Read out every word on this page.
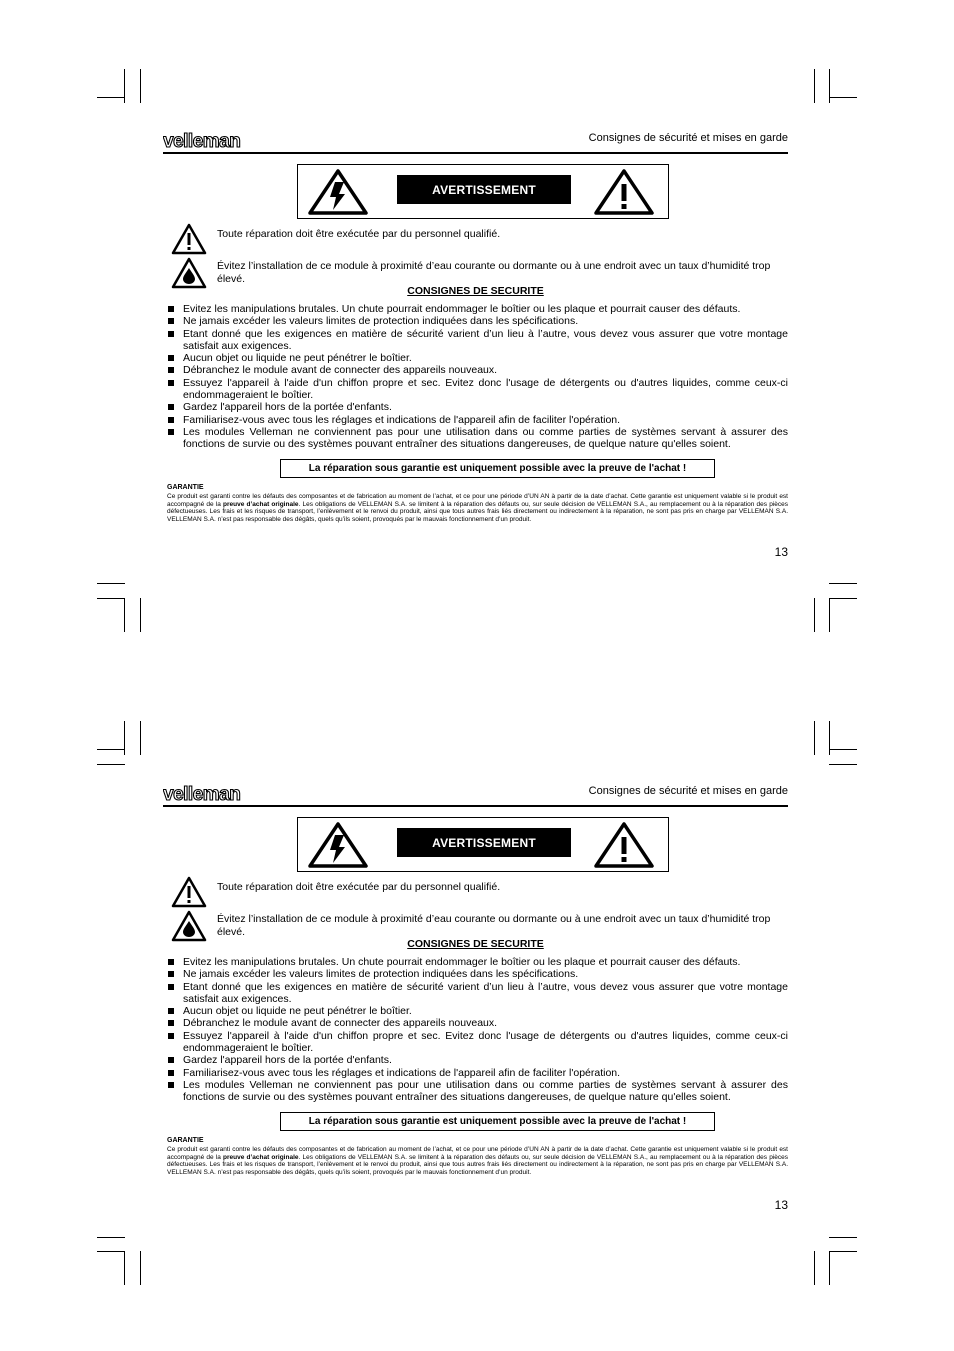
velleman	Consignes de sécurité et mises en garde
AVERTISSEMENT
Toute réparation doit être exécutée par du personnel qualifié.
Évitez l’installation de ce module à proximité d’eau courante ou dormante ou à une endroit avec un taux d’humidité trop élevé.
CONSIGNES DE SECURITE
Evitez les manipulations brutales. Un chute pourrait endommager le boîtier ou les plaque et pourrait causer des défauts.
Ne jamais excéder les valeurs limites de protection indiquées dans les spécifications.
Etant donné que les exigences en matière de sécurité varient d’un lieu à l’autre, vous devez vous assurer que votre montage satisfait aux exigences.
Aucun objet ou liquide ne peut pénétrer le boîtier.
Débranchez le module avant de connecter des appareils nouveaux.
Essuyez l'appareil à l'aide d'un chiffon propre et sec. Evitez donc l'usage de détergents ou d'autres liquides, comme ceux-ci endommageraient le boîtier.
Gardez l'appareil hors de la portée d'enfants.
Familiarisez-vous avec tous les réglages et indications de l'appareil afin de faciliter l'opération.
Les modules Velleman ne conviennent pas pour une utilisation dans ou comme parties de systèmes servant à assurer des fonctions de survie ou des systèmes pouvant entraîner des situations dangereuses, de quelque nature qu'elles soient.
La réparation sous garantie est uniquement possible avec la preuve de l'achat !
GARANTIE
Ce produit est garanti contre les défauts des composantes et de fabrication au moment de l’achat, et ce pour une période d’UN AN à partir de la date d’achat. Cette garantie est uniquement valable si le produit est accompagné de la preuve d’achat originale. Les obligations de VELLEMAN S.A. se limitent à la réparation des défauts ou, sur seule décision de VELLEMAN S.A., au remplacement ou à la réparation des pièces défectueuses. Les frais et les risques de transport, l’enlèvement et le renvoi du produit, ainsi que tous autres frais liés directement ou indirectement à la réparation, ne sont pas pris en charge par VELLEMAN S.A. VELLEMAN S.A. n’est pas responsable des dégâts, quels qu’ils soient, provoqués par le mauvais fonctionnement d’un produit.
13
velleman	Consignes de sécurité et mises en garde
AVERTISSEMENT
Toute réparation doit être exécutée par du personnel qualifié.
Évitez l’installation de ce module à proximité d’eau courante ou dormante ou à une endroit avec un taux d’humidité trop élevé.
CONSIGNES DE SECURITE
Evitez les manipulations brutales. Un chute pourrait endommager le boîtier ou les plaque et pourrait causer des défauts.
Ne jamais excéder les valeurs limites de protection indiquées dans les spécifications.
Etant donné que les exigences en matière de sécurité varient d’un lieu à l’autre, vous devez vous assurer que votre montage satisfait aux exigences.
Aucun objet ou liquide ne peut pénétrer le boîtier.
Débranchez le module avant de connecter des appareils nouveaux.
Essuyez l'appareil à l'aide d'un chiffon propre et sec. Evitez donc l'usage de détergents ou d'autres liquides, comme ceux-ci endommageraient le boîtier.
Gardez l'appareil hors de la portée d'enfants.
Familiarisez-vous avec tous les réglages et indications de l'appareil afin de faciliter l'opération.
Les modules Velleman ne conviennent pas pour une utilisation dans ou comme parties de systèmes servant à assurer des fonctions de survie ou des systèmes pouvant entraîner des situations dangereuses, de quelque nature qu'elles soient.
La réparation sous garantie est uniquement possible avec la preuve de l'achat !
GARANTIE
Ce produit est garanti contre les défauts des composantes et de fabrication au moment de l’achat, et ce pour une période d’UN AN à partir de la date d’achat. Cette garantie est uniquement valable si le produit est accompagné de la preuve d’achat originale. Les obligations de VELLEMAN S.A. se limitent à la réparation des défauts ou, sur seule décision de VELLEMAN S.A., au remplacement ou à la réparation des pièces défectueuses. Les frais et les risques de transport, l’enlèvement et le renvoi du produit, ainsi que tous autres frais liés directement ou indirectement à la réparation, ne sont pas pris en charge par VELLEMAN S.A. VELLEMAN S.A. n’est pas responsable des dégâts, quels qu’ils soient, provoqués par le mauvais fonctionnement d’un produit.
13
